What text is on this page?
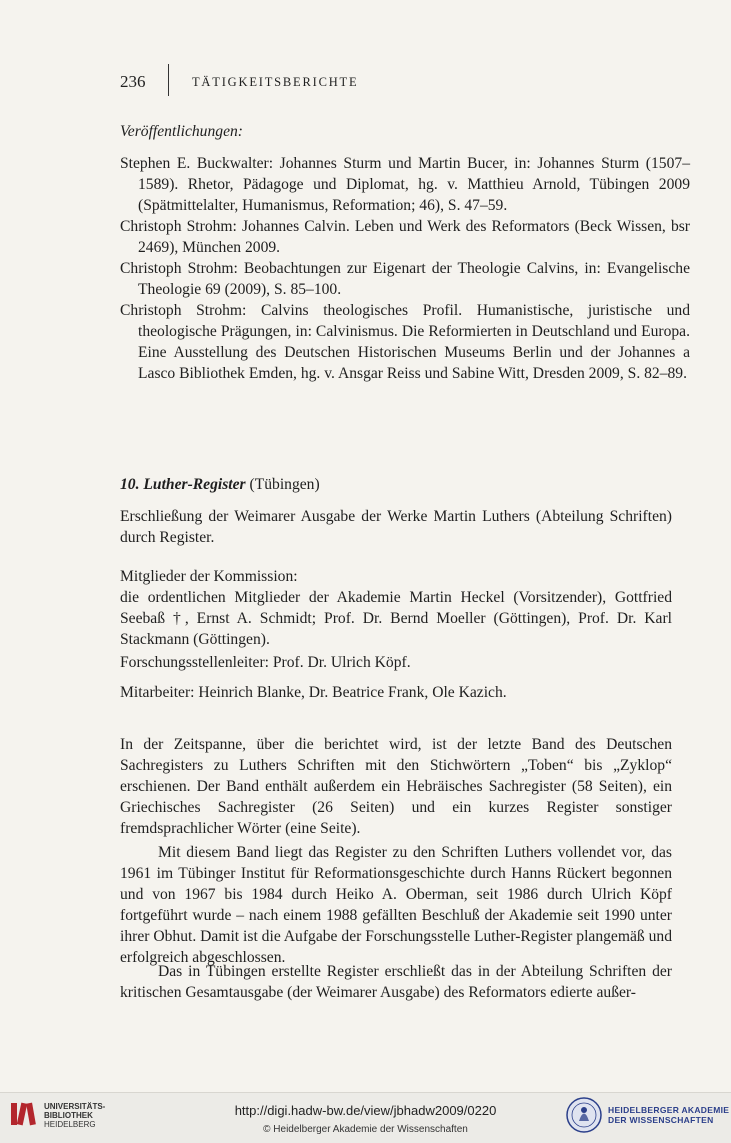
236	TÄTIGKEITSBERICHTE
Veröffentlichungen:
Stephen E. Buckwalter: Johannes Sturm und Martin Bucer, in: Johannes Sturm (1507–1589). Rhetor, Pädagoge und Diplomat, hg. v. Matthieu Arnold, Tübingen 2009 (Spätmittelalter, Humanismus, Reformation; 46), S. 47–59.
Christoph Strohm: Johannes Calvin. Leben und Werk des Reformators (Beck Wissen, bsr 2469), München 2009.
Christoph Strohm: Beobachtungen zur Eigenart der Theologie Calvins, in: Evangelische Theologie 69 (2009), S. 85–100.
Christoph Strohm: Calvins theologisches Profil. Humanistische, juristische und theologische Prägungen, in: Calvinismus. Die Reformierten in Deutschland und Europa. Eine Ausstellung des Deutschen Historischen Museums Berlin und der Johannes a Lasco Bibliothek Emden, hg. v. Ansgar Reiss und Sabine Witt, Dresden 2009, S. 82–89.
10. Luther-Register (Tübingen)
Erschließung der Weimarer Ausgabe der Werke Martin Luthers (Abteilung Schriften) durch Register.
Mitglieder der Kommission:
die ordentlichen Mitglieder der Akademie Martin Heckel (Vorsitzender), Gottfried Seebaß †, Ernst A. Schmidt; Prof. Dr. Bernd Moeller (Göttingen), Prof. Dr. Karl Stackmann (Göttingen).
Forschungsstellenleiter: Prof. Dr. Ulrich Köpf.
Mitarbeiter: Heinrich Blanke, Dr. Beatrice Frank, Ole Kazich.
In der Zeitspanne, über die berichtet wird, ist der letzte Band des Deutschen Sachregisters zu Luthers Schriften mit den Stichwörtern „Toben“ bis „Zyklop“ erschienen. Der Band enthält außerdem ein Hebräisches Sachregister (58 Seiten), ein Griechisches Sachregister (26 Seiten) und ein kurzes Register sonstiger fremdsprachlicher Wörter (eine Seite).
Mit diesem Band liegt das Register zu den Schriften Luthers vollendet vor, das 1961 im Tübinger Institut für Reformationsgeschichte durch Hanns Rückert begonnen und von 1967 bis 1984 durch Heiko A. Oberman, seit 1986 durch Ulrich Köpf fortgeführt wurde – nach einem 1988 gefällten Beschluß der Akademie seit 1990 unter ihrer Obhut. Damit ist die Aufgabe der Forschungsstelle Luther-Register plangemäß und erfolgreich abgeschlossen.
Das in Tübingen erstellte Register erschließt das in der Abteilung Schriften der kritischen Gesamtausgabe (der Weimarer Ausgabe) des Reformators edierte außer-
UNIVERSITÄTS-
BIBLIOTHEK
HEIDELBERG
http://digi.hadw-bw.de/view/jbhadw2009/0220
© Heidelberger Akademie der Wissenschaften
HEIDELBERGER AKADEMIE
DER WISSENSCHAFTEN
